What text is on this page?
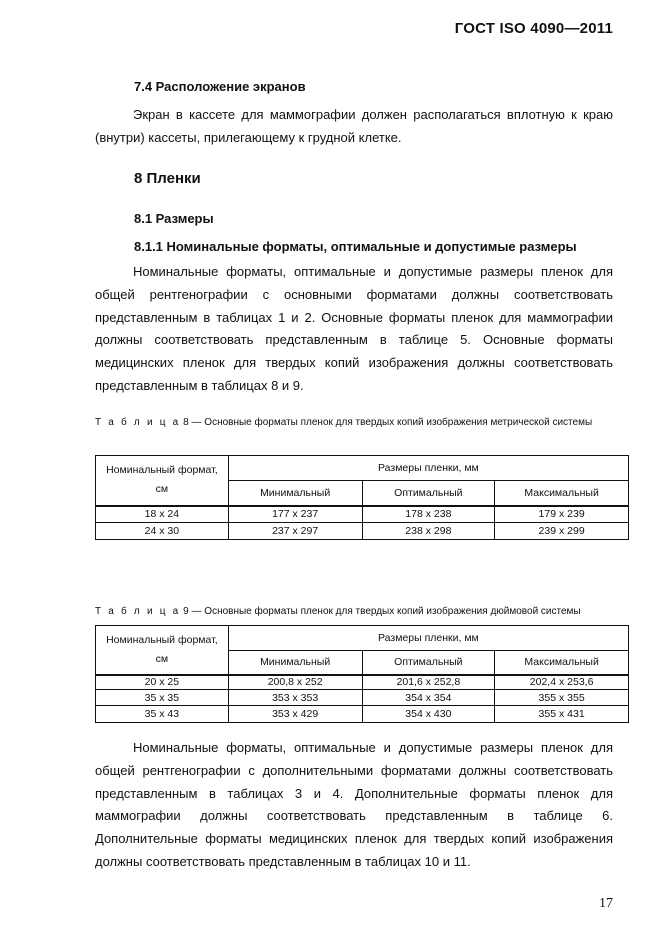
ГОСТ ISO 4090—2011
7.4 Расположение экранов
Экран в кассете для маммографии должен располагаться вплотную к краю (внутри) кассеты, прилегающему к грудной клетке.
8 Пленки
8.1 Размеры
8.1.1 Номинальные форматы, оптимальные и допустимые размеры
Номинальные форматы, оптимальные и допустимые размеры пленок для общей рентгенографии с основными форматами должны соответствовать представленным в таблицах 1 и 2. Основные форматы пленок для маммографии должны соответствовать представленным в таблице 5. Основные форматы медицинских пленок для твердых копий изображения должны соответствовать представленным в таблицах 8 и 9.
Т а б л и ц а 8 — Основные форматы пленок для твердых копий изображения метрической системы
Номинальный формат, см	Размеры пленки, мм		
	Минимальный	Оптимальный	Максимальный
18 х 24	177 х 237	178 х 238	179 х 239
24 х 30	237 х 297	238 х 298	239 х 299
Т а б л и ц а 9 — Основные форматы пленок для твердых копий изображения дюймовой системы
Номинальный формат, см	Размеры пленки, мм		
	Минимальный	Оптимальный	Максимальный
20 х 25	200,8 х 252	201,6 х 252,8	202,4 х 253,6
35 х 35	353 х 353	354 х 354	355 х 355
35 х 43	353 х 429	354 х 430	355 х 431
Номинальные форматы, оптимальные и допустимые размеры пленок для общей рентгенографии с дополнительными форматами должны соответствовать представленным в таблицах 3 и 4. Дополнительные форматы пленок для маммографии должны соответствовать представленным в таблице 6. Дополнительные форматы медицинских пленок для твердых копий изображения должны соответствовать представленным в таблицах 10 и 11.
17
